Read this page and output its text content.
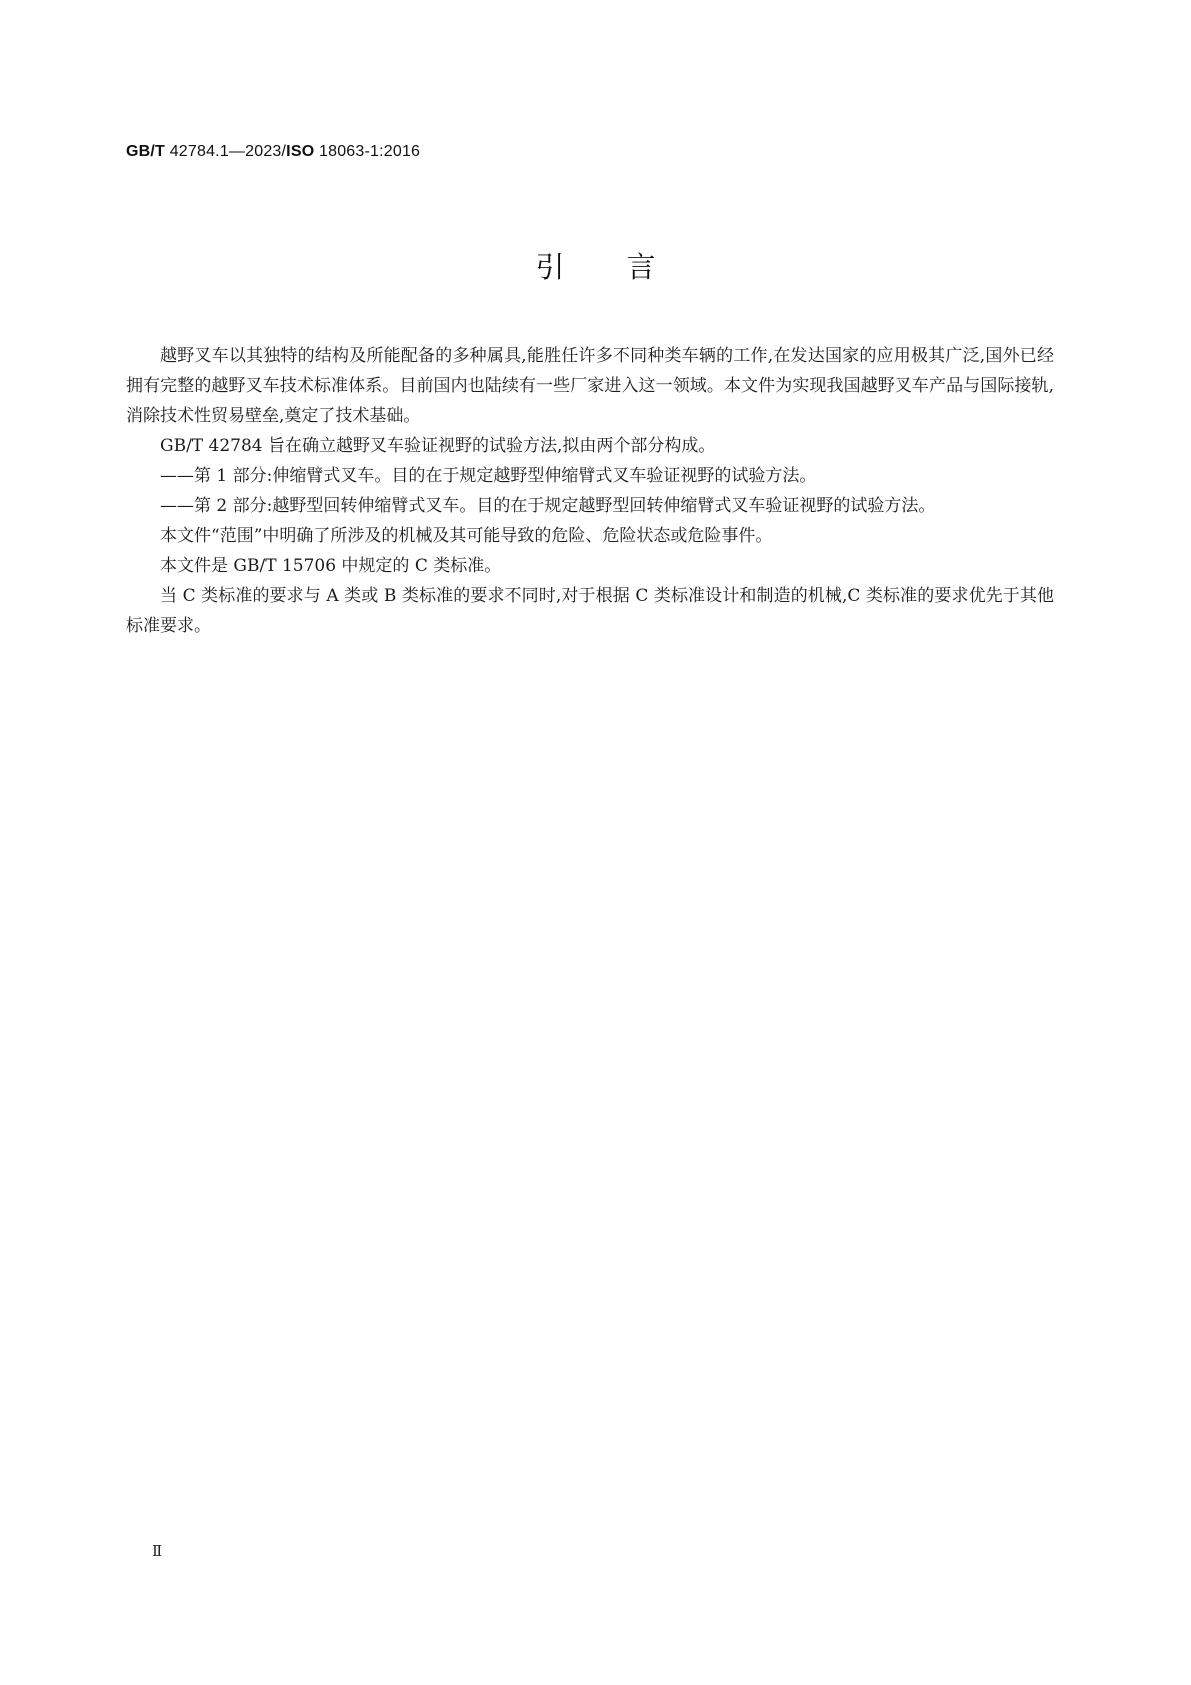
GB/T 42784.1—2023/ISO 18063-1:2016
引言

越野叉车以其独特的结构及所能配备的多种属具,能胜任许多不同种类车辆的工作,在发达国家的应用极其广泛,国外已经拥有完整的越野叉车技术标准体系。目前国内也陆续有一些厂家进入这一领域。本文件为实现我国越野叉车产品与国际接轨,消除技术性贸易壁垒,奠定了技术基础。

GB/T 42784 旨在确立越野叉车验证视野的试验方法,拟由两个部分构成。

——第 1 部分:伸缩臂式叉车。目的在于规定越野型伸缩臂式叉车验证视野的试验方法。

——第 2 部分:越野型回转伸缩臂式叉车。目的在于规定越野型回转伸缩臂式叉车验证视野的试验方法。

本文件“范围”中明确了所涉及的机械及其可能导致的危险、危险状态或危险事件。

本文件是 GB/T 15706 中规定的 C 类标准。

当 C 类标准的要求与 A 类或 B 类标准的要求不同时,对于根据 C 类标准设计和制造的机械,C 类标准的要求优先于其他标准要求。

Ⅱ
